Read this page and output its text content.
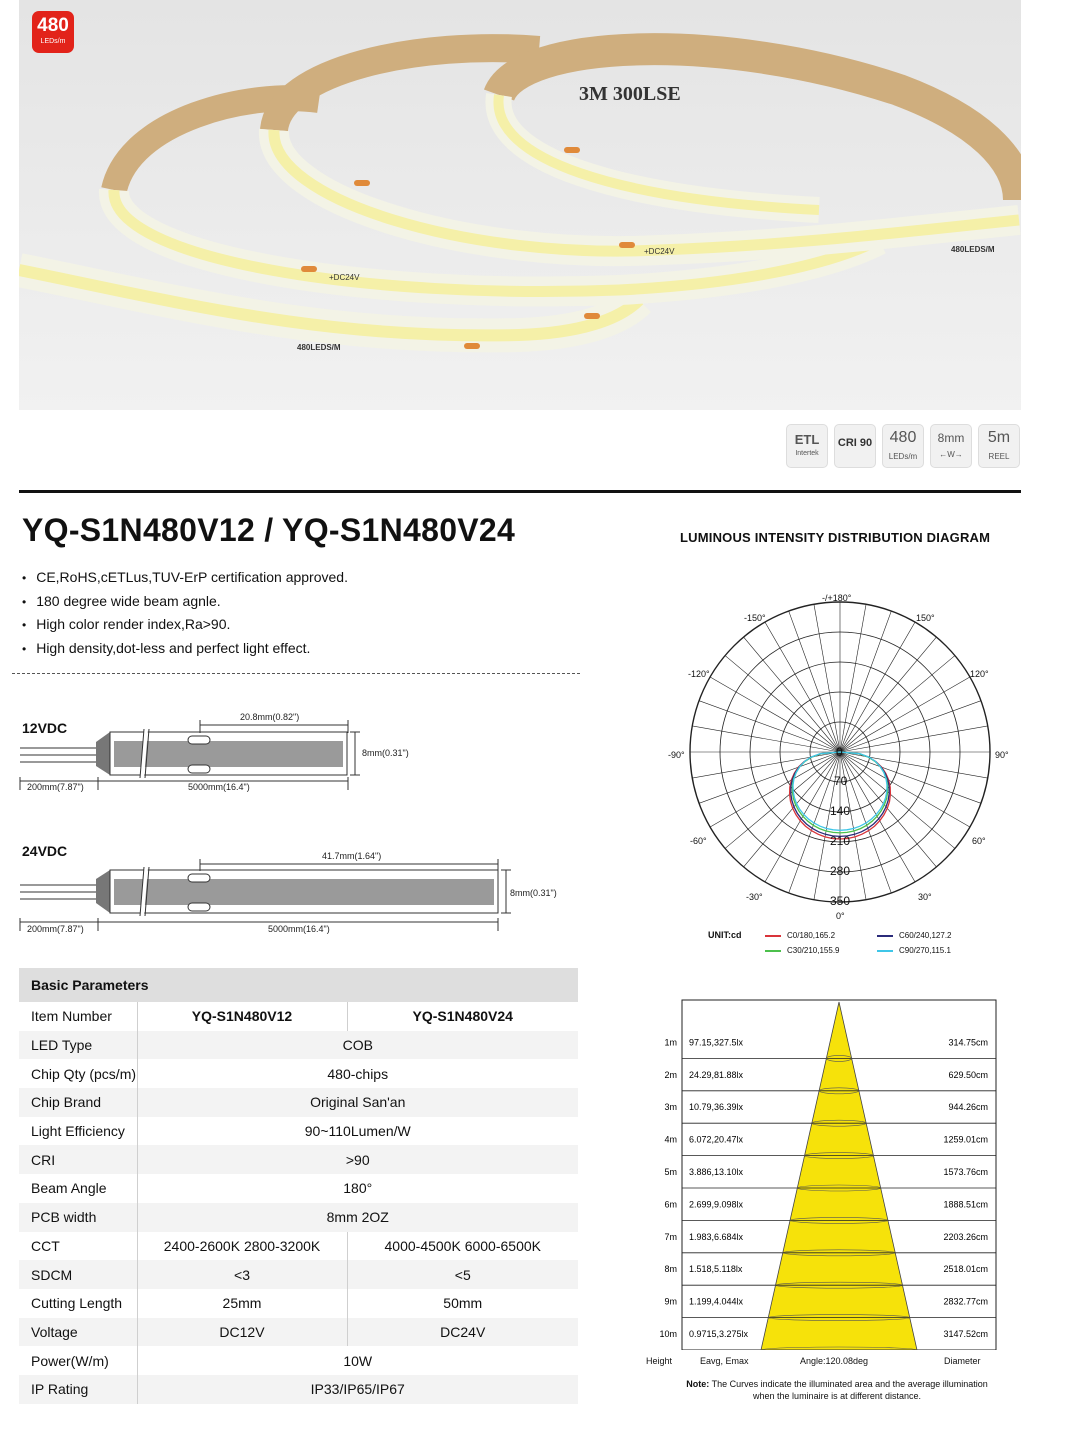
+DC24V
+DC24V
480LEDS/M
480LEDS/M
3M 300LSE
480
LEDs/m
ETL
Intertek
CRI 90	480
LEDs/m
8mm
←W→
5m
REEL
YQ-S1N480V12 / YQ-S1N480V24
• CE,RoHS,cETLus,TUV-ErP certification approved.
• 180 degree wide beam agnle.
• High color render index,Ra>90.
• High density,dot-less and perfect light effect.
12VDC
20.8mm(0.82")
8mm(0.31")
200mm(7.87")	5000mm(16.4")
24VDC	41.7mm(1.64")
8mm(0.31")
200mm(7.87")	5000mm(16.4")
Basic Parameters		
Item Number	YQ-S1N480V12	YQ-S1N480V24
LED Type	COB	
Chip Qty (pcs/m)	480-chips	
Chip Brand	Original San'an	
Light Efficiency	90~110Lumen/W	
CRI	>90	
Beam Angle	180°	
PCB width	8mm 2OZ	
CCT	2400-2600K 2800-3200K	4000-4500K 6000-6500K
SDCM	<3	<5
Cutting Length	25mm	50mm
Voltage	DC12V	DC24V
Power(W/m)	10W	
IP Rating	IP33/IP65/IP67	
LUMINOUS INTENSITY DISTRIBUTION DIAGRAM
-/+180°
-150°	150°
-120°	120°
-90°	90°
-60°	60°
-30°	30°
0°
0
70
140
210
280
350
UNIT:cd	C0/180,165.2	C60/240,127.2
C30/210,155.9	C90/270,115.1
1m 97.15,327.5lx	314.75cm
2m 24.29,81.88lx	629.50cm
3m 10.79,36.39lx	944.26cm
4m 6.072,20.47lx	1259.01cm
5m 3.886,13.10lx	1573.76cm
6m 2.699,9.098lx	1888.51cm
7m 1.983,6.684lx	2203.26cm
8m 1.518,5.118lx	2518.01cm
9m 1.199,4.044lx	2832.77cm
10m 0.9715,3.275lx	3147.52cm
Height	Eavg, Emax	Angle:120.08deg	Diameter
Note: The Curves indicate the illuminated area and the average illumination when the luminaire is at different distance.
